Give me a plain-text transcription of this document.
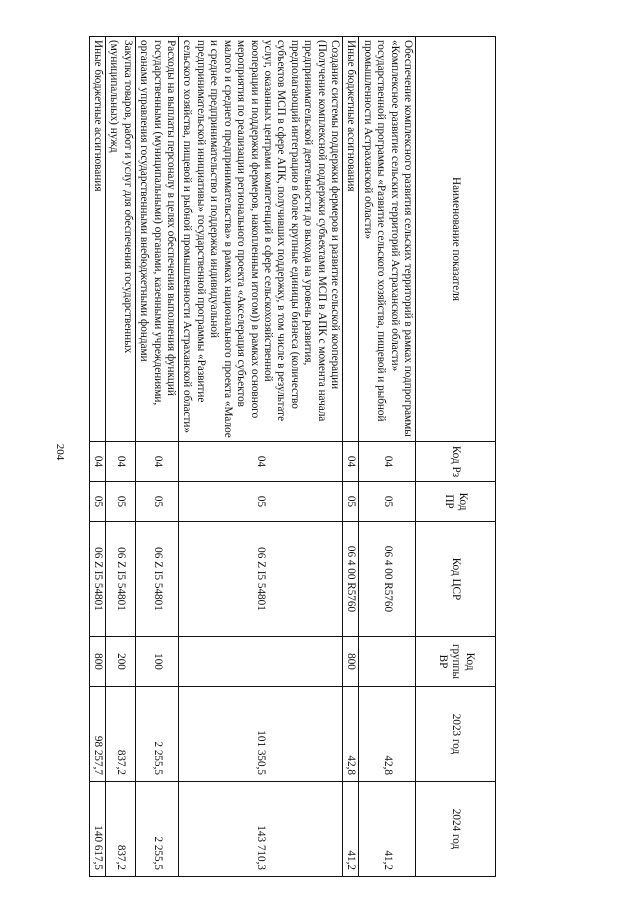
204
Наименование показателя	Код Рз	Код ПР	Код ЦСР	Код группы ВР	2023 год	2024 год
Обеспечение комплексного развития сельских территорий в рамках подпрограммы «Комплексное развитие сельских территорий Астраханской области» государственной программы «Развитие сельского хозяйства, пищевой и рыбной промышленности Астраханской области»	04	05	06 4 00 R5760		42,8	41,2
Иные бюджетные ассигнования	04	05	06 4 00 R5760	800	42,8	41,2
Создание системы поддержки фермеров и развитие сельской кооперации (Получение комплексной поддержки субъектами МСП в АПК с момента начала предпринимательской деятельности до выхода на уровень развития, предполагающий интеграцию в более крупные единицы бизнеса (количество субъектов МСП в сфере АПК, получивших поддержку, в том числе в результате услуг, оказанных центрами компетенций в сфере сельскохозяйственной кооперации и поддержки фермеров, накопленным итогом)) в рамках основного мероприятия по реализации регионального проекта «Акселерация субъектов малого и среднего предпринимательства» в рамках национального проекта «Малое и среднее предпринимательство и поддержка индивидуальной предпринимательской инициативы» государственной программы «Развитие сельского хозяйства, пищевой и рыбной промышленности Астраханской области»	04	05	06 Z I5 54801		101 350,5	143 710,3
Расходы на выплаты персоналу в целях обеспечения выполнения функций государственными (муниципальными) органами, казенными учреждениями, органами управления государственными внебюджетными фондами	04	05	06 Z I5 54801	100	2 255,5	2 255,5
Закупка товаров, работ и услуг для обеспечения государственных (муниципальных) нужд	04	05	06 Z I5 54801	200	837,2	837,2
Иные бюджетные ассигнования	04	05	06 Z I5 54801	800	98 257,7	140 617,5
